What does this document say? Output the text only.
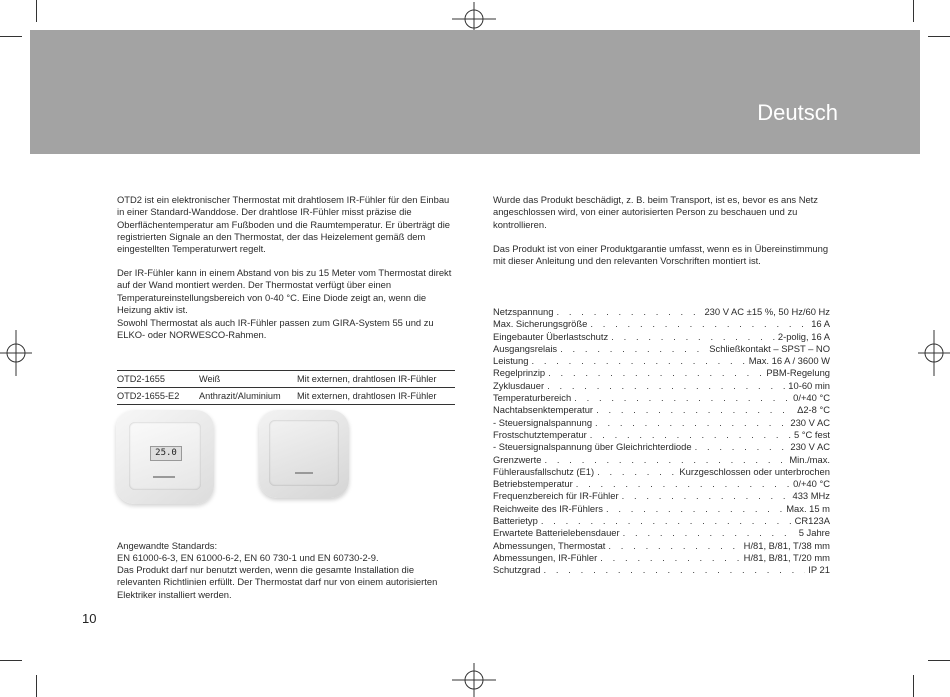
Deutsch

OTD2 ist ein elektronischer Thermostat mit drahtlosem IR-Fühler für den Einbau in einer Standard-Wanddose. Der drahtlose IR-Fühler misst präzise die Oberflächentemperatur am Fußboden und die Raumtemperatur. Er überträgt die registrierten Signale an den Thermostat, der das Heizelement gemäß dem eingestellten Temperaturwert regelt.

Der IR-Fühler kann in einem Abstand von bis zu 15 Meter vom Thermostat direkt auf der Wand montiert werden. Der Thermostat verfügt über einen Temperatureinstellungsbereich von 0-40 °C. Eine Diode zeigt an, wenn die Heizung aktiv ist.

Sowohl Thermostat als auch IR-Fühler passen zum GIRA-System 55 und zu ELKO- oder NORWESCO-Rahmen.

OTD2-1655	Weiß	Mit externen, drahtlosen IR-Fühler
OTD2-1655-E2	Anthrazit/Aluminium	Mit externen, drahtlosen IR-Fühler
25.0

Angewandte Standards:

EN 61000-6-3, EN 61000-6-2, EN 60 730-1 und EN 60730-2-9.

Das Produkt darf nur benutzt werden, wenn die gesamte Installation die relevanten Richtlinien erfüllt. Der Thermostat darf nur von einem autorisierten Elektriker installiert werden.

Wurde das Produkt beschädigt, z. B. beim Transport, ist es, bevor es ans Netz angeschlossen wird, von einer autorisierten Person zu beschauen und zu kontrollieren.

Das Produkt ist von einer Produktgarantie umfasst, wenn es in Übereinstimmung mit dieser Anleitung und den relevanten Vorschriften montiert ist.

Netzspannung . . .	230 V AC ±15 %, 50 Hz/60 Hz
Max. Sicherungsgröße . . .	16 A
Eingebauter Überlastschutz . . .	2-polig, 16 A
Ausgangsrelais . . .	Schließkontakt – SPST – NO
Leistung . . .	Max. 16 A / 3600 W
Regelprinzip . . .	PBM-Regelung
Zyklusdauer . . .	10-60 min
Temperaturbereich . . .	0/+40 °C
Nachtabsenktemperatur . . .	Δ2-8 °C
- Steuersignalspannung . . .	230 V AC
Frostschutztemperatur . . .	5 °C fest
- Steuersignalspannung über Gleichrichterdiode . . .	230 V AC
Grenzwerte . . .	Min./max.
Fühlerausfallschutz (E1) . . .	Kurzgeschlossen oder unterbrochen
Betriebstemperatur . . .	0/+40 °C
Frequenzbereich für IR-Fühler . . .	433 MHz
Reichweite des IR-Fühlers . . .	Max. 15 m
Batterietyp . . .	CR123A
Erwartete Batterielebensdauer . . .	5 Jahre
Abmessungen, Thermostat . . .	H/81, B/81, T/38 mm
Abmessungen, IR-Fühler . . .	H/81, B/81, T/20 mm
Schutzgrad . . .	IP 21
10
